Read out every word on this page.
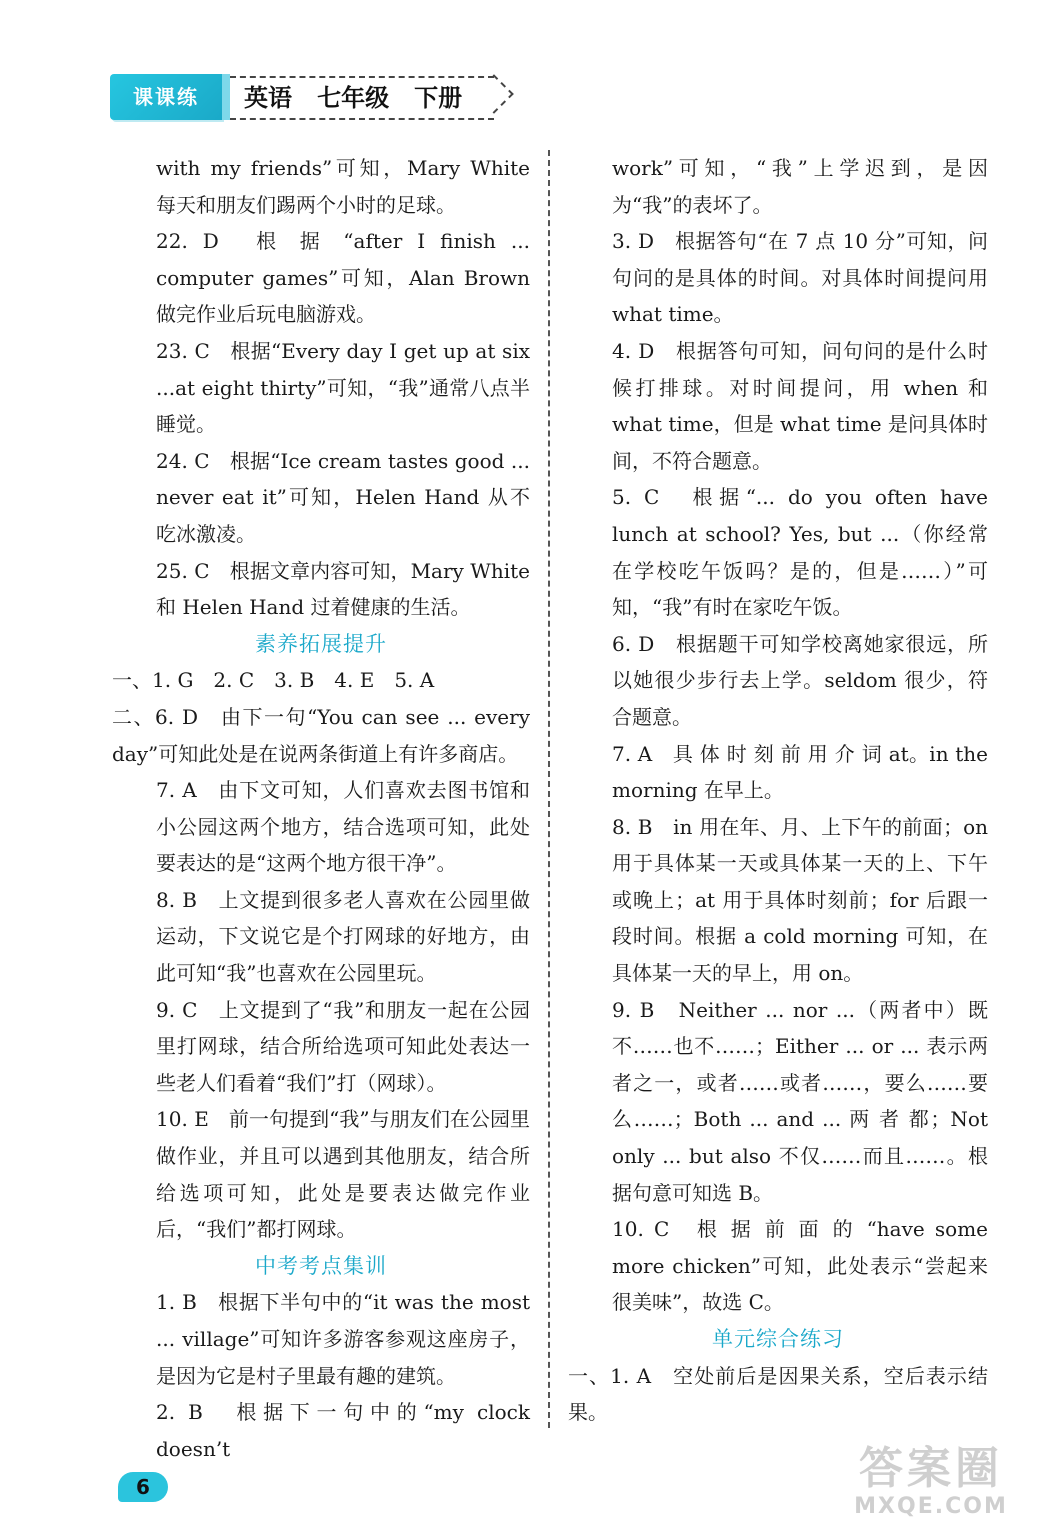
课课练	英语   七年级   下册

with my friends”可知，Mary White 每天和朋友们踢两个小时的足球。

22. D　根 据 “after I finish ... computer games”可知，Alan Brown 做完作业后玩电脑游戏。

23. C　根据“Every day I get up at six ...at eight thirty”可知，“我”通常八点半睡觉。

24. C　根据“Ice cream tastes good ... never eat it”可知，Helen Hand 从不吃冰激凌。

25. C　根据文章内容可知，Mary White 和 Helen Hand 过着健康的生活。

素养拓展提升

一、1. G　2. C　3. B　4. E　5. A

二、6. D　由下一句“You can see ... every day”可知此处是在说两条街道上有许多商店。

7. A　由下文可知，人们喜欢去图书馆和小公园这两个地方，结合选项可知，此处要表达的是“这两个地方很干净”。

8. B　上文提到很多老人喜欢在公园里做运动，下文说它是个打网球的好地方，由此可知“我”也喜欢在公园里玩。

9. C　上文提到了“我”和朋友一起在公园里打网球，结合所给选项可知此处表达一些老人们看着“我们”打（网球）。

10. E　前一句提到“我”与朋友们在公园里做作业，并且可以遇到其他朋友，结合所给选项可知，此处是要表达做完作业后，“我们”都打网球。

中考考点集训

1. B　根据下半句中的“it was the most ... village”可知许多游客参观这座房子，是因为它是村子里最有趣的建筑。

2. B　根据下一句中的“my clock doesn’t

work”可知，“我”上学迟到，是因为“我”的表坏了。

3. D　根据答句“在 7 点 10 分”可知，问句问的是具体的时间。对具体时间提问用 what time。

4. D　根据答句可知，问句问的是什么时候打排球。对时间提问，用 when 和 what time，但是 what time 是问具体时间，不符合题意。

5. C　根据“... do you often have lunch at school? Yes, but ...（你经常在学校吃午饭吗？是的，但是……）”可知，“我”有时在家吃午饭。

6. D　根据题干可知学校离她家很远，所以她很少步行去上学。seldom 很少，符合题意。

7. A　具 体 时 刻 前 用 介 词 at。in the morning 在早上。

8. B　in 用在年、月、上下午的前面；on 用于具体某一天或具体某一天的上、下午或晚上；at 用于具体时刻前；for 后跟一段时间。根据 a cold morning 可知，在具体某一天的早上，用 on。

9. B　Neither ... nor ...（两者中）既不……也不……；Either ... or ... 表示两者之一，或者……或者……，要么……要么……；Both ... and ... 两 者 都；Not only ... but also 不仅……而且……。根据句意可知选 B。

10. C　根 据 前 面 的 “have some more chicken”可知，此处表示“尝起来很美味”，故选 C。

单元综合练习

一、1. A　空处前后是因果关系，空后表示结果。

6	答案圈
MXQE.COM
